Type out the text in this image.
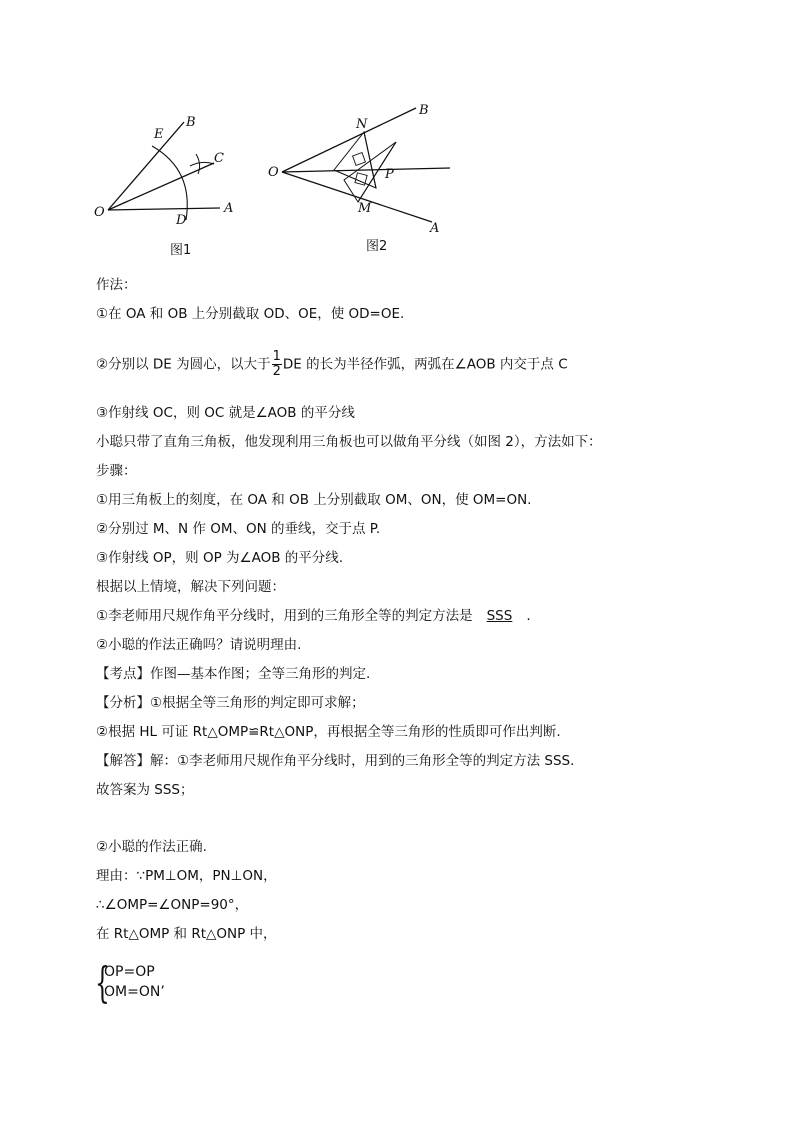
B
E
C
O
D
A
图1
B
N
O	P
M
A
图2
作法：
①在 OA 和 OB 上分别截取 OD、OE，使 OD=OE.
②分别以 DE 为圆心，以大于 $\frac{1}{2}$ DE 的长为半径作弧，两弧在∠AOB 内交于点 C
③作射线 OC，则 OC 就是∠AOB 的平分线
小聪只带了直角三角板，他发现利用三角板也可以做角平分线（如图 2），方法如下：
步骤：
①用三角板上的刻度，在 OA 和 OB 上分别截取 OM、ON，使 OM=ON.
②分别过 M、N 作 OM、ON 的垂线，交于点 P.
③作射线 OP，则 OP 为∠AOB 的平分线.
根据以上情境，解决下列问题：
①李老师用尺规作角平分线时，用到的三角形全等的判定方法是 SSS .
②小聪的作法正确吗？请说明理由.
【考点】作图—基本作图；全等三角形的判定.
【分析】①根据全等三角形的判定即可求解；
②根据 HL 可证 Rt△OMP≌Rt△ONP，再根据全等三角形的性质即可作出判断.
【解答】解：①李老师用尺规作角平分线时，用到的三角形全等的判定方法 SSS.
故答案为 SSS；
②小聪的作法正确.
理由：∵PM⊥OM，PN⊥ON，
∴∠OMP=∠ONP=90°，
在 Rt△OMP 和 Rt△ONP 中，
{
OP=OP
OM=ON’
